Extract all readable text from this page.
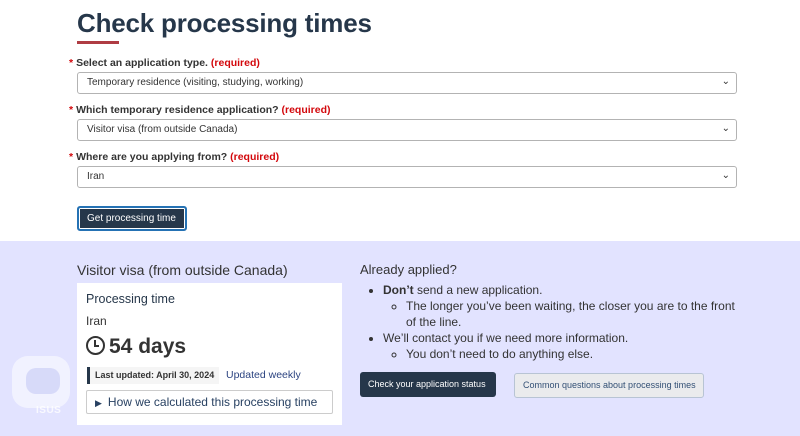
Check processing times
* Select an application type. (required)
Temporary residence (visiting, studying, working)	⌄
* Which temporary residence application? (required)
Visitor visa (from outside Canada)	⌄
* Where are you applying from? (required)
Iran	⌄
Get processing time
Visitor visa (from outside Canada)
Processing time
Iran
54 days
Last updated: April 30, 2024	Updated weekly
▶ How we calculated this processing time
Already applied?
• Don’t send a new application.
◦ The longer you’ve been waiting, the closer you are to the front of the line.
• We’ll contact you if we need more information.
◦ You don’t need to do anything else.
Check your application status	Common questions about processing times
ISUS
